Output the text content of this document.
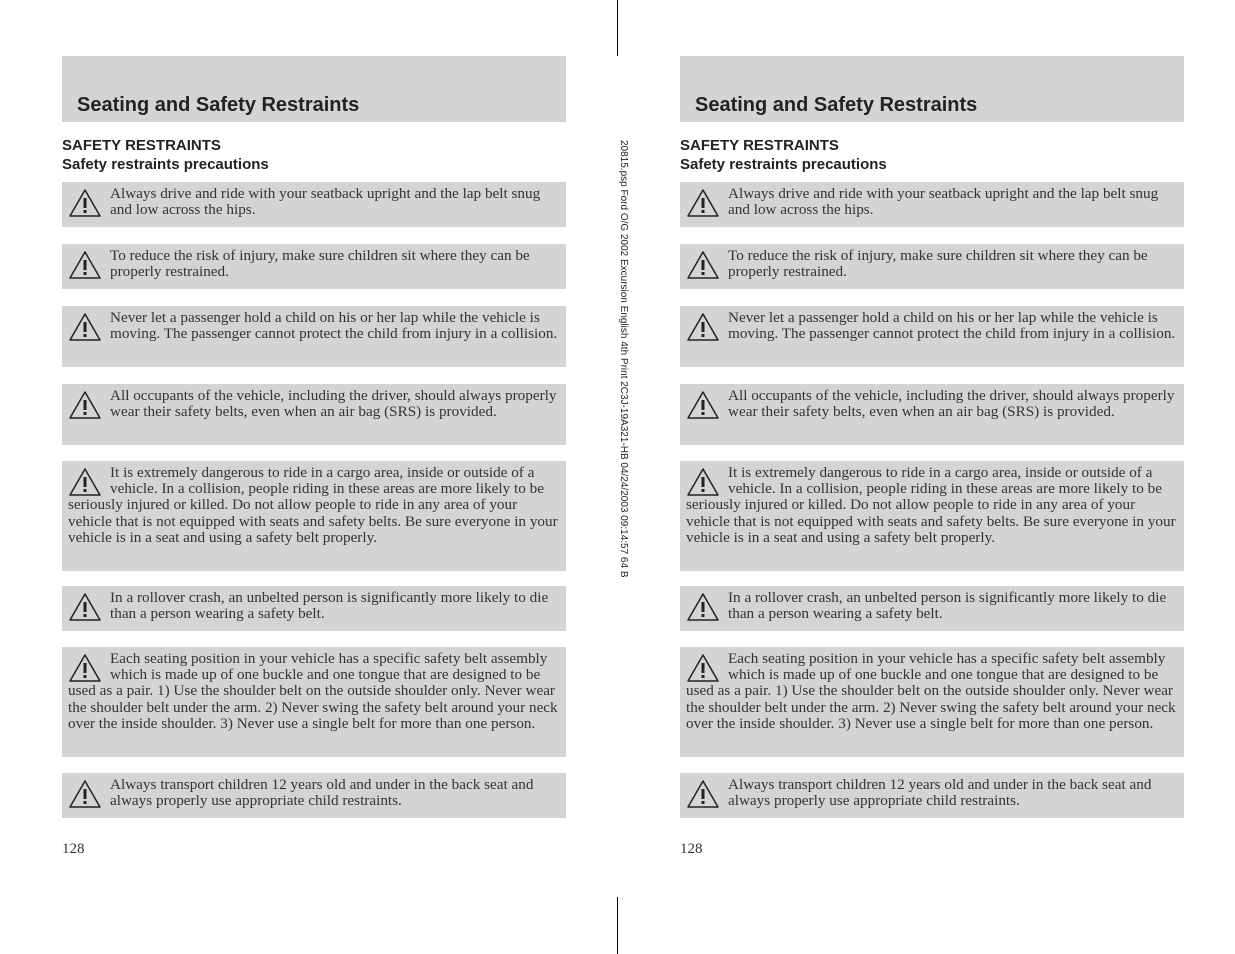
20815.psp Ford O/G 2002 Excursion English 4th Print 2C3J-19A321-HB 04/24/2003 09:14:57 64 B
Seating and Safety Restraints
SAFETY RESTRAINTS
Safety restraints precautions
Always drive and ride with your seatback upright and the lap belt snug and low across the hips.
To reduce the risk of injury, make sure children sit where they can be properly restrained.
Never let a passenger hold a child on his or her lap while the vehicle is moving. The passenger cannot protect the child from injury in a collision.
All occupants of the vehicle, including the driver, should always properly wear their safety belts, even when an air bag (SRS) is provided.
It is extremely dangerous to ride in a cargo area, inside or outside of a vehicle. In a collision, people riding in these areas are more likely to be seriously injured or killed. Do not allow people to ride in any area of your vehicle that is not equipped with seats and safety belts. Be sure everyone in your vehicle is in a seat and using a safety belt properly.
In a rollover crash, an unbelted person is significantly more likely to die than a person wearing a safety belt.
Each seating position in your vehicle has a specific safety belt assembly which is made up of one buckle and one tongue that are designed to be used as a pair. 1) Use the shoulder belt on the outside shoulder only. Never wear the shoulder belt under the arm. 2) Never swing the safety belt around your neck over the inside shoulder. 3) Never use a single belt for more than one person.
Always transport children 12 years old and under in the back seat and always properly use appropriate child restraints.
128
Seating and Safety Restraints
SAFETY RESTRAINTS
Safety restraints precautions
Always drive and ride with your seatback upright and the lap belt snug and low across the hips.
To reduce the risk of injury, make sure children sit where they can be properly restrained.
Never let a passenger hold a child on his or her lap while the vehicle is moving. The passenger cannot protect the child from injury in a collision.
All occupants of the vehicle, including the driver, should always properly wear their safety belts, even when an air bag (SRS) is provided.
It is extremely dangerous to ride in a cargo area, inside or outside of a vehicle. In a collision, people riding in these areas are more likely to be seriously injured or killed. Do not allow people to ride in any area of your vehicle that is not equipped with seats and safety belts. Be sure everyone in your vehicle is in a seat and using a safety belt properly.
In a rollover crash, an unbelted person is significantly more likely to die than a person wearing a safety belt.
Each seating position in your vehicle has a specific safety belt assembly which is made up of one buckle and one tongue that are designed to be used as a pair. 1) Use the shoulder belt on the outside shoulder only. Never wear the shoulder belt under the arm. 2) Never swing the safety belt around your neck over the inside shoulder. 3) Never use a single belt for more than one person.
Always transport children 12 years old and under in the back seat and always properly use appropriate child restraints.
128
